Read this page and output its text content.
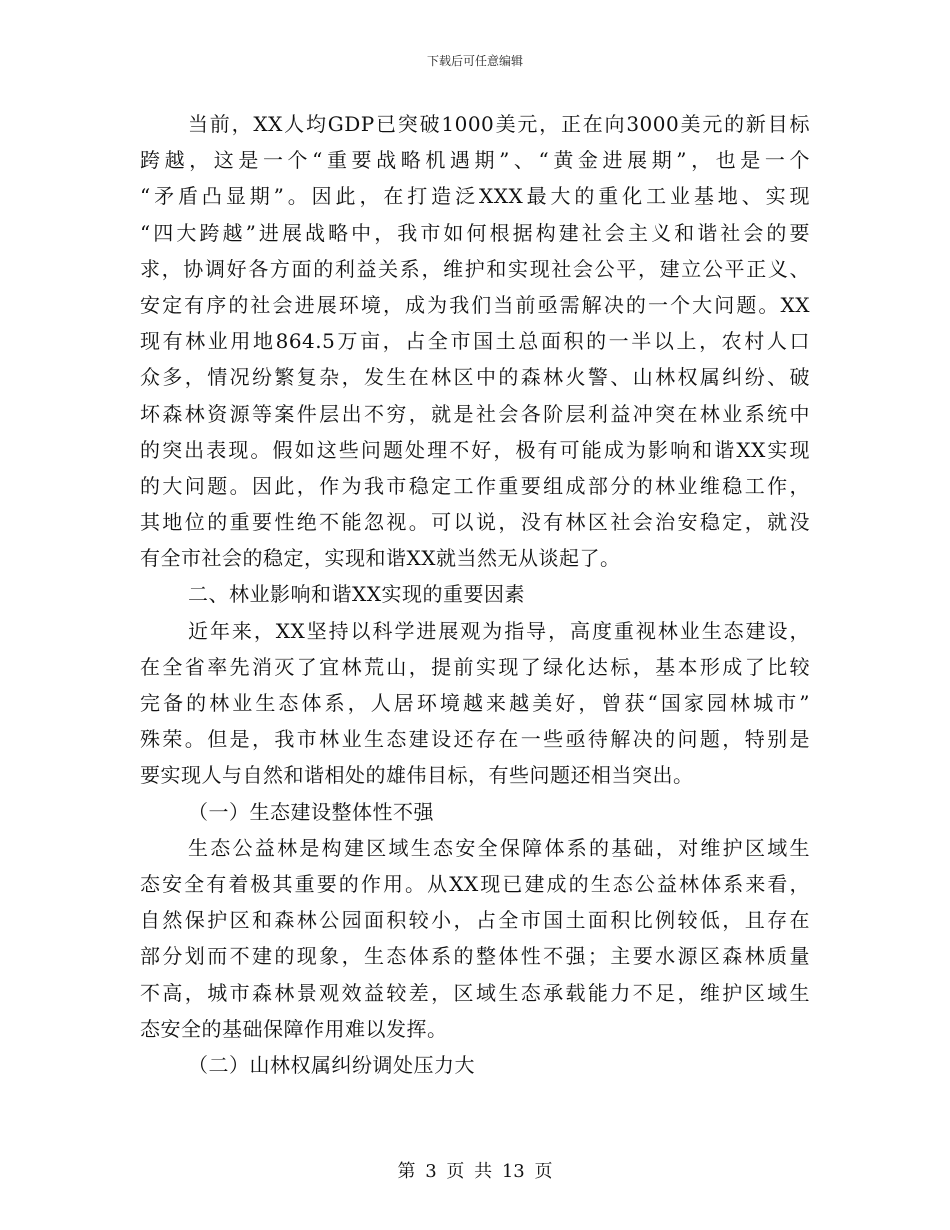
下载后可任意编辑
当前，XX人均GDP已突破1000美元，正在向3000美元的新目标
跨越，这是一个“重要战略机遇期”、“黄金进展期”，也是一个
“矛盾凸显期”。因此，在打造泛XXX最大的重化工业基地、实现
“四大跨越”进展战略中，我市如何根据构建社会主义和谐社会的要
求，协调好各方面的利益关系，维护和实现社会公平，建立公平正义、
安定有序的社会进展环境，成为我们当前亟需解决的一个大问题。XX
现有林业用地864.5万亩，占全市国土总面积的一半以上，农村人口
众多，情况纷繁复杂，发生在林区中的森林火警、山林权属纠纷、破
坏森林资源等案件层出不穷，就是社会各阶层利益冲突在林业系统中
的突出表现。假如这些问题处理不好，极有可能成为影响和谐XX实现
的大问题。因此，作为我市稳定工作重要组成部分的林业维稳工作，
其地位的重要性绝不能忽视。可以说，没有林区社会治安稳定，就没
有全市社会的稳定，实现和谐XX就当然无从谈起了。
二、林业影响和谐XX实现的重要因素
近年来，XX坚持以科学进展观为指导，高度重视林业生态建设，
在全省率先消灭了宜林荒山，提前实现了绿化达标，基本形成了比较
完备的林业生态体系，人居环境越来越美好，曾获“国家园林城市”
殊荣。但是，我市林业生态建设还存在一些亟待解决的问题，特别是
要实现人与自然和谐相处的雄伟目标，有些问题还相当突出。
（一）生态建设整体性不强
生态公益林是构建区域生态安全保障体系的基础，对维护区域生
态安全有着极其重要的作用。从XX现已建成的生态公益林体系来看，
自然保护区和森林公园面积较小，占全市国土面积比例较低，且存在
部分划而不建的现象，生态体系的整体性不强；主要水源区森林质量
不高，城市森林景观效益较差，区域生态承载能力不足，维护区域生
态安全的基础保障作用难以发挥。
（二）山林权属纠纷调处压力大
第 3 页 共 13 页
